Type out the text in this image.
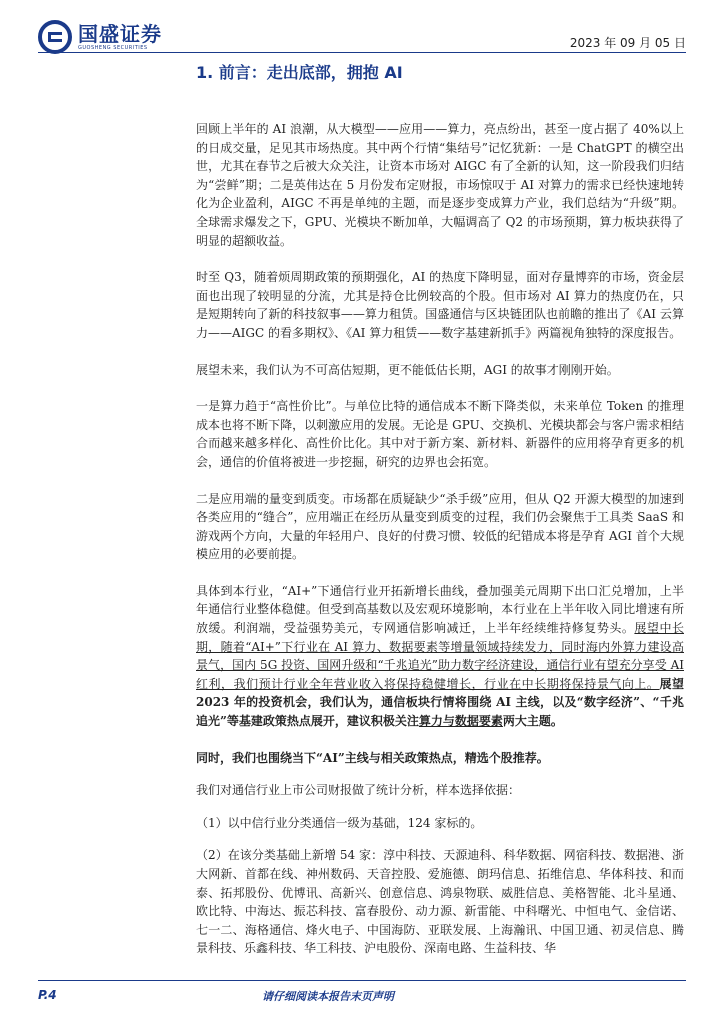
国盛证券
GUOSHENG SECURITIES	2023 年 09 月 05 日
1. 前言：走出底部，拥抱 AI

回顾上半年的 AI 浪潮，从大模型——应用——算力，亮点纷出，甚至一度占据了 40%以上的日成交量，足见其市场热度。其中两个行情“集结号”记忆犹新：一是 ChatGPT 的横空出世，尤其在春节之后被大众关注，让资本市场对 AIGC 有了全新的认知，这一阶段我们归结为“尝鲜”期；二是英伟达在 5 月份发布定财报，市场惊叹于 AI 对算力的需求已经快速地转化为企业盈利，AIGC 不再是单纯的主题，而是逐步变成算力产业，我们总结为“升级”期。全球需求爆发之下，GPU、光模块不断加单，大幅调高了 Q2 的市场预期，算力板块获得了明显的超额收益。

时至 Q3，随着烦周期政策的预期强化，AI 的热度下降明显，面对存量博弈的市场，资金层面也出现了较明显的分流，尤其是持仓比例较高的个股。但市场对 AI 算力的热度仍在，只是短期转向了新的科技叙事——算力租赁。国盛通信与区块链团队也前瞻的推出了《AI 云算力——AIGC 的看多期权》、《AI 算力租赁——数字基建新抓手》两篇视角独特的深度报告。

展望未来，我们认为不可高估短期，更不能低估长期，AGI 的故事才刚刚开始。

一是算力趋于“高性价比”。与单位比特的通信成本不断下降类似，未来单位 Token 的推理成本也将不断下降，以刺激应用的发展。无论是 GPU、交换机、光模块都会与客户需求相结合而越来越多样化、高性价比化。其中对于新方案、新材料、新器件的应用将孕育更多的机会，通信的价值将被进一步挖掘，研究的边界也会拓宽。

二是应用端的量变到质变。市场都在质疑缺少“杀手级”应用，但从 Q2 开源大模型的加速到各类应用的“缝合”，应用端正在经历从量变到质变的过程，我们仍会聚焦于工具类 SaaS 和游戏两个方向，大量的年轻用户、良好的付费习惯、较低的纪错成本将是孕育 AGI 首个大规模应用的必要前提。

具体到本行业，“AI+”下通信行业开拓新增长曲线，叠加强美元周期下出口汇兑增加，上半年通信行业整体稳健。但受到高基数以及宏观环境影响，本行业在上半年收入同比增速有所放缓。利润端，受益强势美元，专网通信影响减迁，上半年经续维持修复势头。展望中长期，随着“AI+”下行业在 AI 算力、数据要素等增量领域持续发力，同时海内外算力建设高景气，国内 5G 投资、国网升级和“千兆追光”助力数字经济建设，通信行业有望充分享受 AI 红利，我们预计行业全年营业收入将保持稳健增长，行业在中长期将保持景气向上。展望 2023 年的投资机会，我们认为，通信板块行情将围绕 AI 主线，以及“数字经济”、“千兆追光”等基建政策热点展开，建议积极关注算力与数据要素两大主题。

同时，我们也围绕当下“AI”主线与相关政策热点，精选个股推荐。

我们对通信行业上市公司财报做了统计分析，样本选择依据：

（1）以中信行业分类通信一级为基础，124 家标的。

（2）在该分类基础上新增 54 家：淳中科技、天源迪科、科华数据、网宿科技、数据港、浙大网新、首都在线、神州数码、天音控股、爱施德、朗玛信息、拓维信息、华体科技、和而泰、拓邦股份、优博讯、高新兴、创意信息、鸿泉物联、威胜信息、美格智能、北斗星通、欧比特、中海达、振芯科技、富春股份、动力源、新雷能、中科曙光、中恒电气、金信诺、七一二、海格通信、烽火电子、中国海防、亚联发展、上海瀚讯、中国卫通、初灵信息、腾景科技、乐鑫科技、华工科技、沪电股份、深南电路、生益科技、华

P.4	请仔细阅读本报告末页声明
